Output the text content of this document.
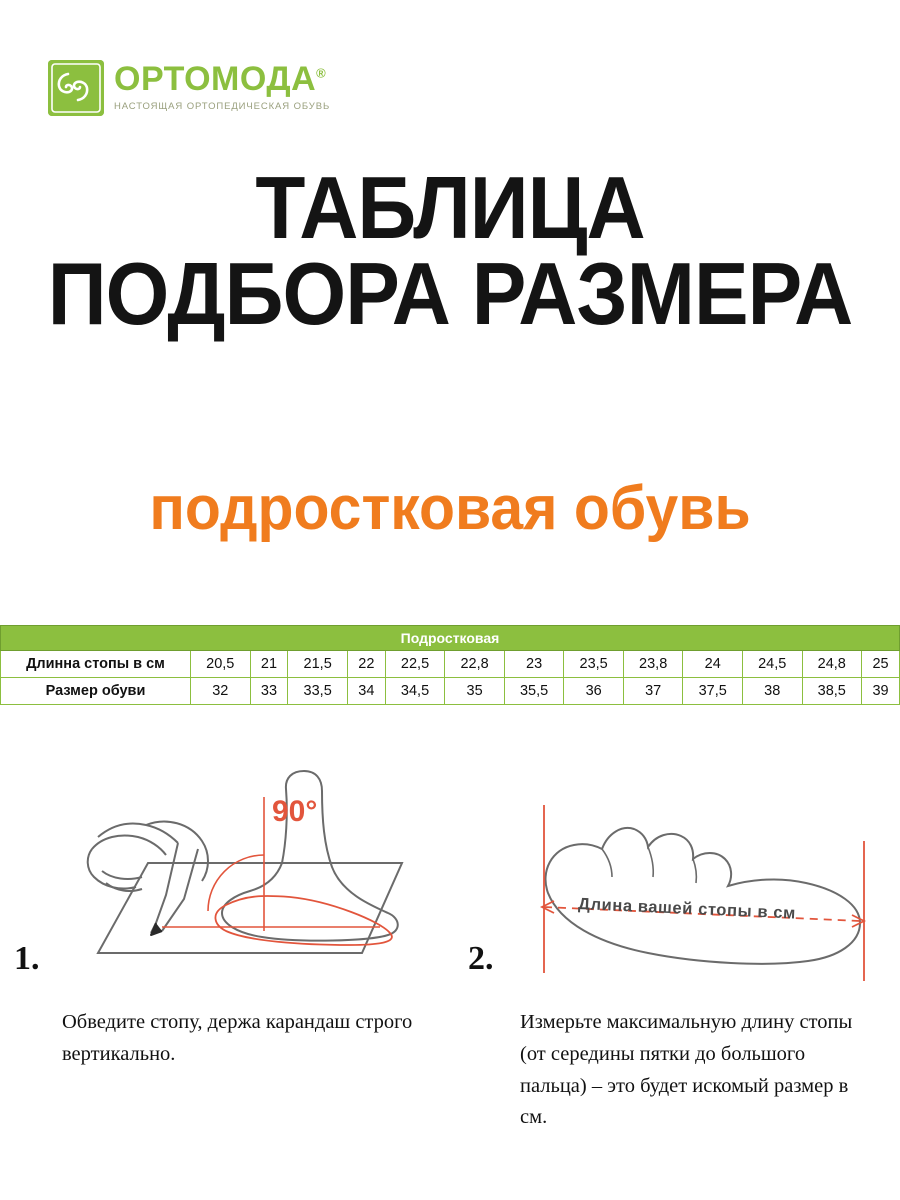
ОРТОМОДА®
НАСТОЯЩАЯ ОРТОПЕДИЧЕСКАЯ ОБУВЬ
ТАБЛИЦА
ПОДБОРА РАЗМЕРА
подростковая обувь
Подростковая													
Длинна стопы в см	20,5	21	21,5	22	22,5	22,8	23	23,5	23,8	24	24,5	24,8	25
Размер обуви	32	33	33,5	34	34,5	35	35,5	36	37	37,5	38	38,5	39
1.
90°
Обведите стопу, держа карандаш строго вертикально.
2.
Длина вашей стопы в см
Измерьте максимальную длину стопы (от середины пятки до большого пальца) – это будет искомый размер в см.
